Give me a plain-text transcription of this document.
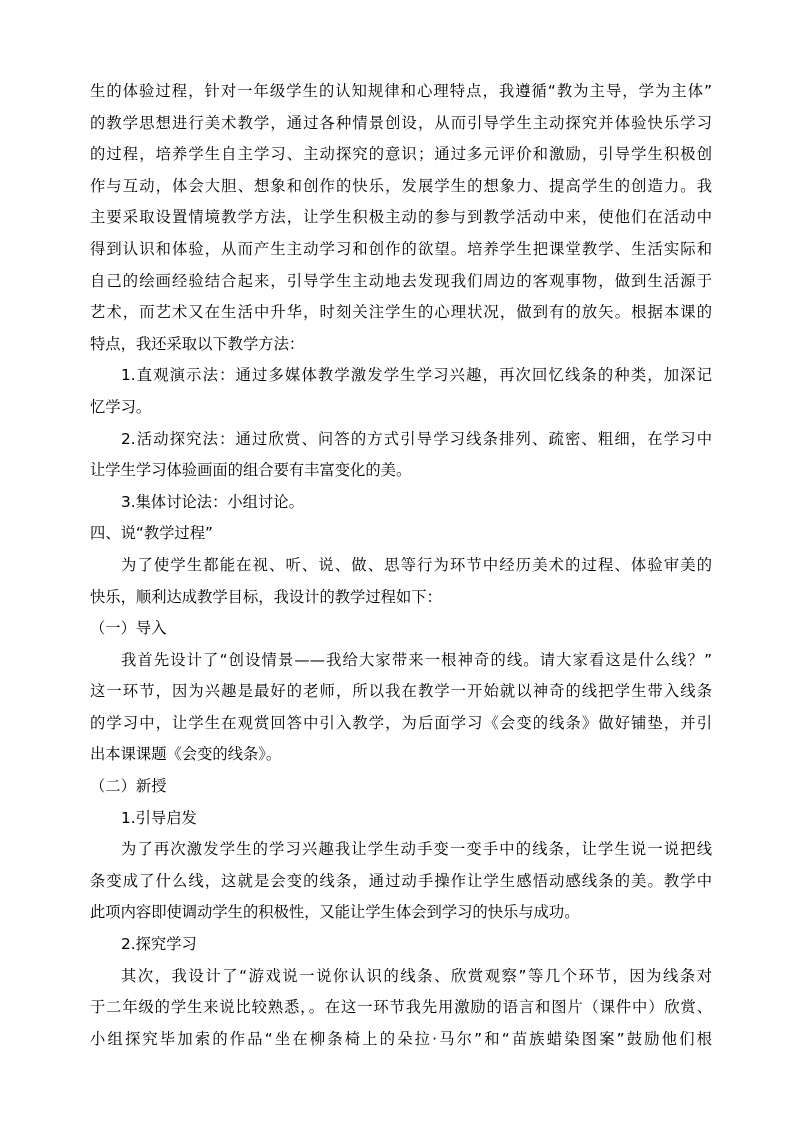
生的体验过程，针对一年级学生的认知规律和心理特点，我遵循“教为主导，学为主体”
的教学思想进行美术教学，通过各种情景创设，从而引导学生主动探究并体验快乐学习
的过程，培养学生自主学习、主动探究的意识；通过多元评价和激励，引导学生积极创
作与互动，体会大胆、想象和创作的快乐，发展学生的想象力、提高学生的创造力。我
主要采取设置情境教学方法，让学生积极主动的参与到教学活动中来，使他们在活动中
得到认识和体验，从而产生主动学习和创作的欲望。培养学生把课堂教学、生活实际和
自己的绘画经验结合起来，引导学生主动地去发现我们周边的客观事物，做到生活源于
艺术，而艺术又在生活中升华，时刻关注学生的心理状况，做到有的放矢。根据本课的
特点，我还采取以下教学方法：
1.直观演示法：通过多媒体教学激发学生学习兴趣，再次回忆线条的种类，加深记
忆学习。
2.活动探究法：通过欣赏、问答的方式引导学习线条排列、疏密、粗细，在学习中
让学生学习体验画面的组合要有丰富变化的美。
3.集体讨论法：小组讨论。
四、说“教学过程”
为了使学生都能在视、听、说、做、思等行为环节中经历美术的过程、体验审美的
快乐，顺利达成教学目标，我设计的教学过程如下：
（一）导入
我首先设计了“创设情景——我给大家带来一根神奇的线。请大家看这是什么线？”
这一环节，因为兴趣是最好的老师，所以我在教学一开始就以神奇的线把学生带入线条
的学习中，让学生在观赏回答中引入教学，为后面学习《会变的线条》做好铺垫，并引
出本课课题《会变的线条》。
（二）新授
1.引导启发
为了再次激发学生的学习兴趣我让学生动手变一变手中的线条，让学生说一说把线
条变成了什么线，这就是会变的线条，通过动手操作让学生感悟动感线条的美。教学中
此项内容即使调动学生的积极性，又能让学生体会到学习的快乐与成功。
2.探究学习
其次，我设计了“游戏说一说你认识的线条、欣赏观察”等几个环节，因为线条对
于二年级的学生来说比较熟悉，。在这一环节我先用激励的语言和图片（课件中）欣赏、
小组探究毕加索的作品“坐在柳条椅上的朵拉·马尔”和“苗族蜡染图案”鼓励他们根
